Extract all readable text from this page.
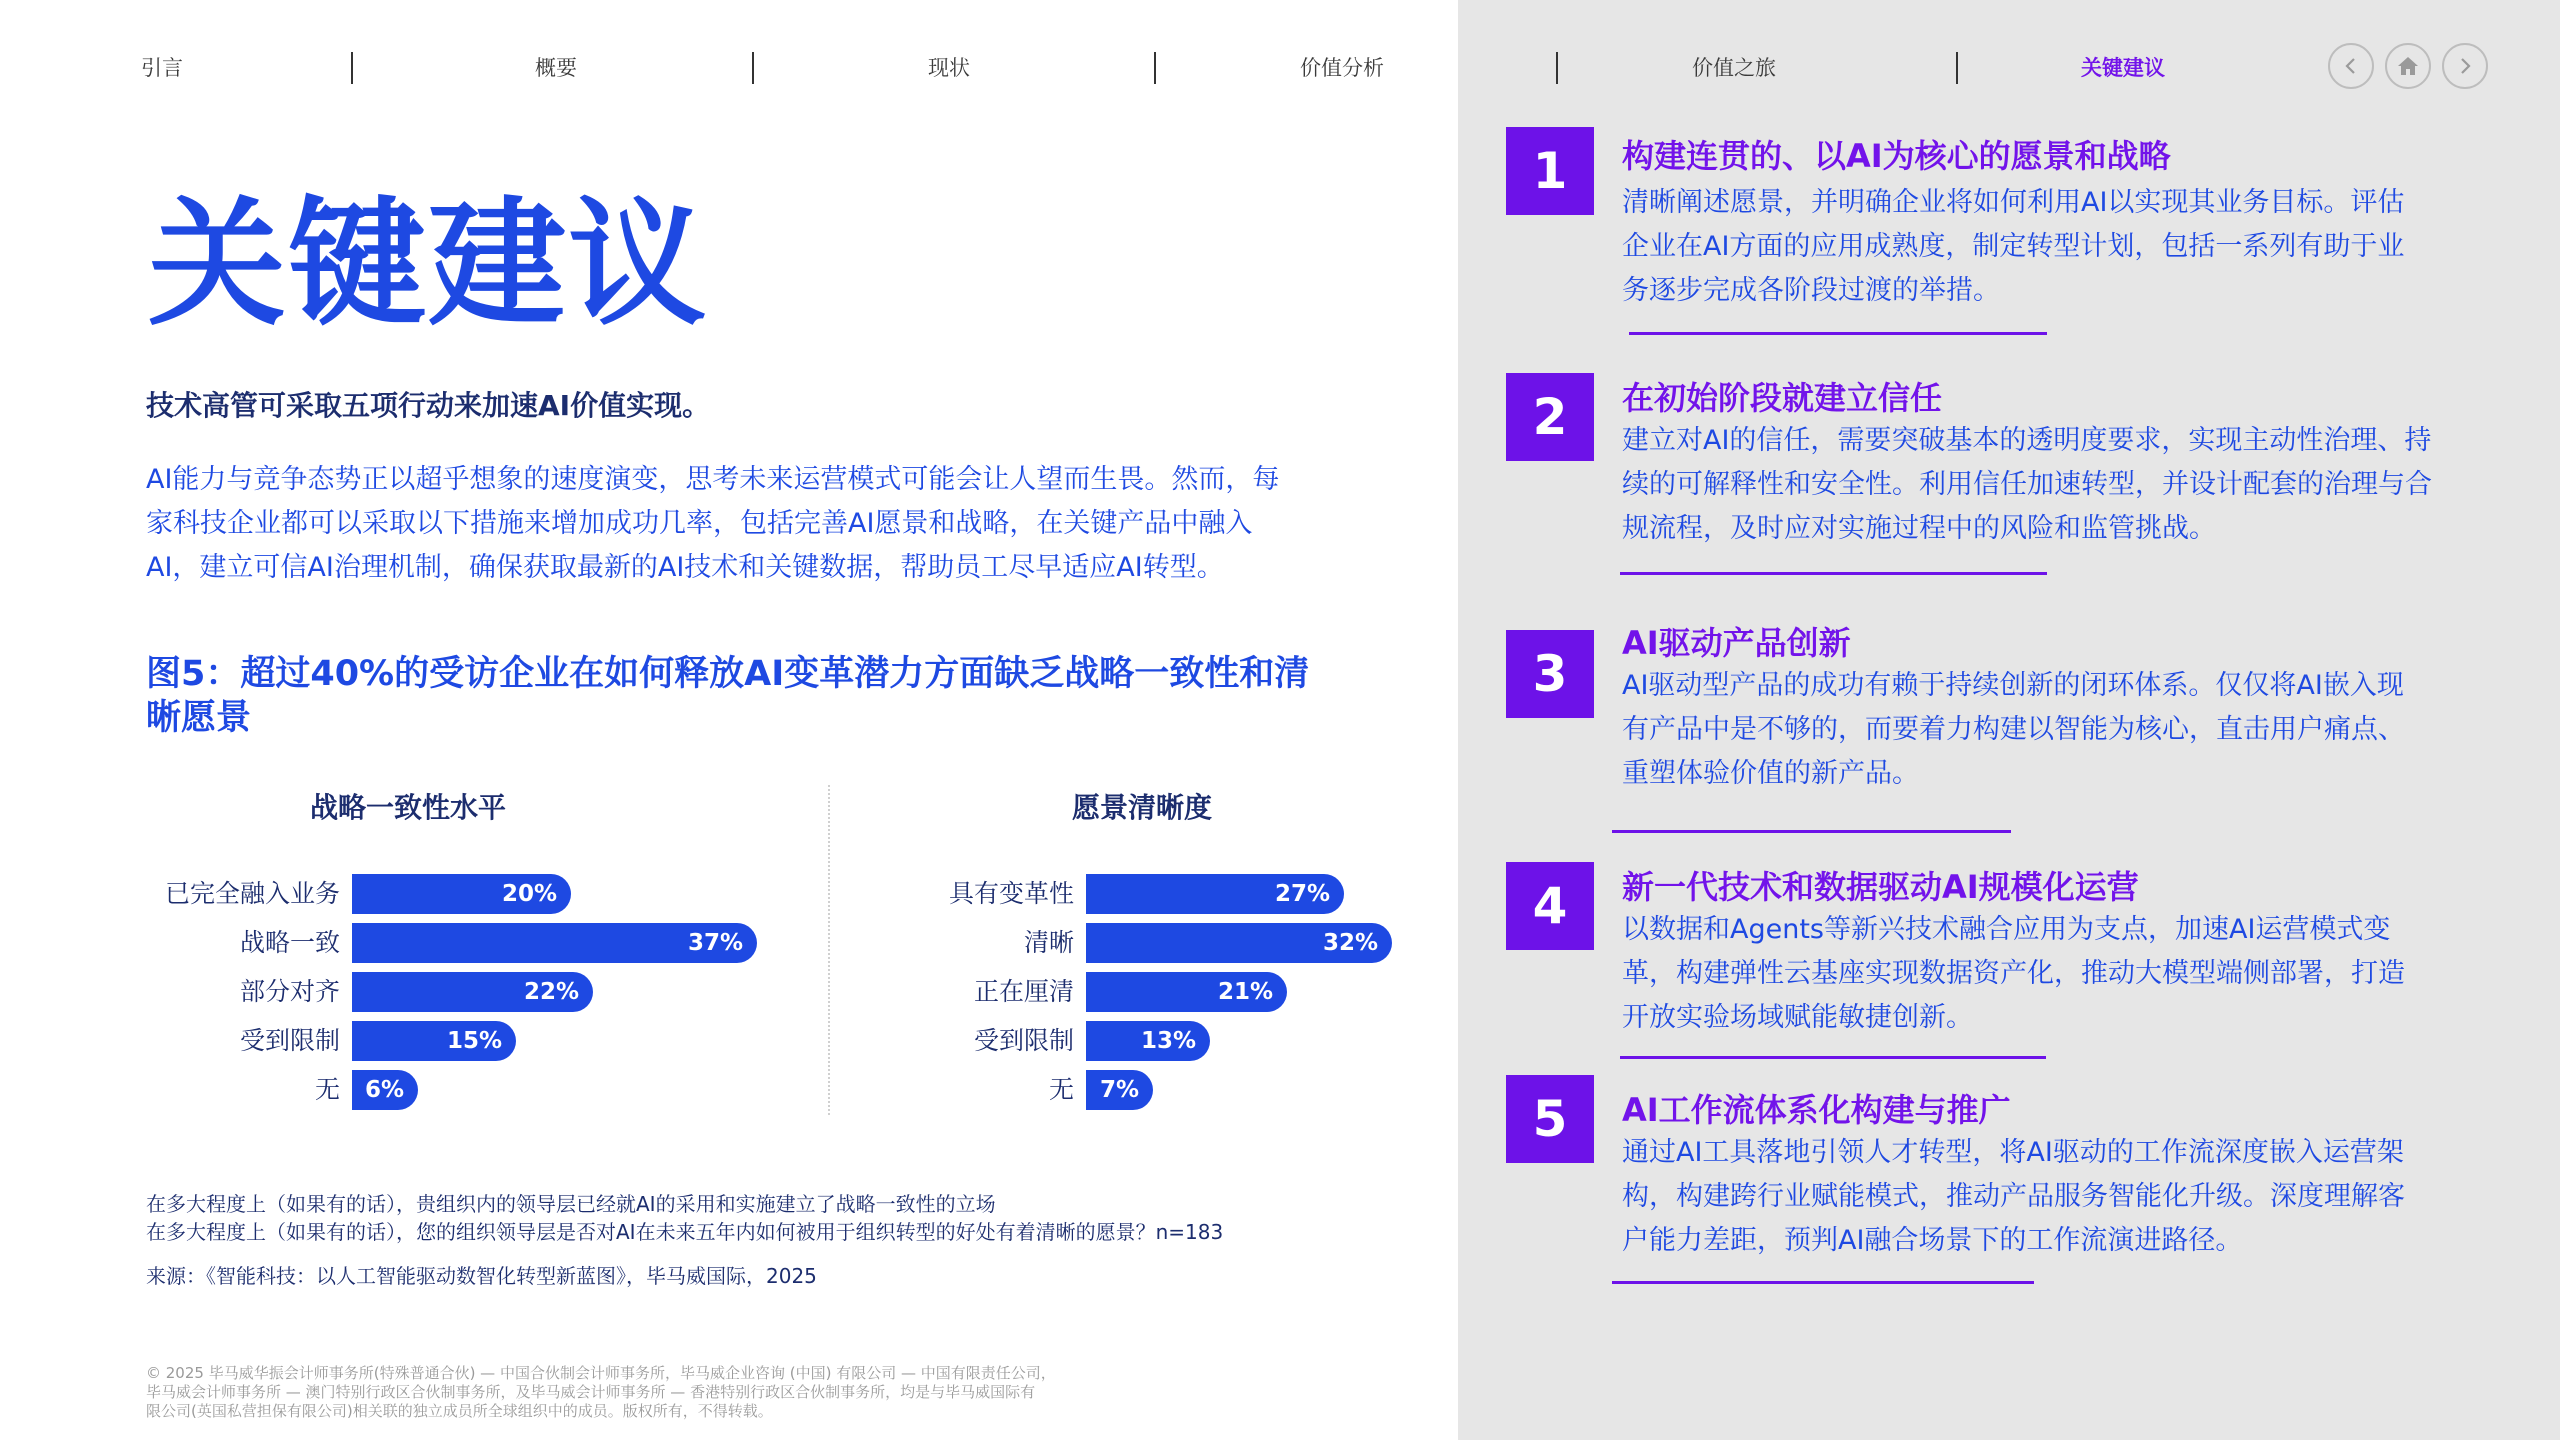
引言	概要	现状	价值分析	价值之旅	关键建议
关键建议
技术高管可采取五项行动来加速AI价值实现。
AI能力与竞争态势正以超乎想象的速度演变，思考未来运营模式可能会让人望而生畏。然而，每家科技企业都可以采取以下措施来增加成功几率，包括完善AI愿景和战略，在关键产品中融入AI，建立可信AI治理机制，确保获取最新的AI技术和关键数据，帮助员工尽早适应AI转型。
图5：超过40%的受访企业在如何释放AI变革潜力方面缺乏战略一致性和清晰愿景
战略一致性水平	愿景清晰度
已完全融入业务	20%
战略一致	37%
部分对齐	22%
受到限制	15%
无 6%
具有变革性	27%
清晰	32%
正在厘清	21%
受到限制	13%
无 7%
在多大程度上（如果有的话），贵组织内的领导层已经就AI的采用和实施建立了战略一致性的立场
在多大程度上（如果有的话），您的组织领导层是否对AI在未来五年内如何被用于组织转型的好处有着清晰的愿景？n=183
来源：《智能科技：以人工智能驱动数智化转型新蓝图》，毕马威国际，2025
© 2025 毕马威华振会计师事务所(特殊普通合伙) — 中国合伙制会计师事务所，毕马威企业咨询 (中国) 有限公司 — 中国有限责任公司，
毕马威会计师事务所 — 澳门特别行政区合伙制事务所，及毕马威会计师事务所 — 香港特别行政区合伙制事务所，均是与毕马威国际有
限公司(英国私营担保有限公司)相关联的独立成员所全球组织中的成员。版权所有，不得转载。
1	构建连贯的、以AI为核心的愿景和战略
清晰阐述愿景，并明确企业将如何利用AI以实现其业务目标。评估企业在AI方面的应用成熟度，制定转型计划，包括一系列有助于业务逐步完成各阶段过渡的举措。
2	在初始阶段就建立信任
建立对AI的信任，需要突破基本的透明度要求，实现主动性治理、持续的可解释性和安全性。利用信任加速转型，并设计配套的治理与合规流程，及时应对实施过程中的风险和监管挑战。
3
AI驱动产品创新
AI驱动型产品的成功有赖于持续创新的闭环体系。仅仅将AI嵌入现有产品中是不够的，而要着力构建以智能为核心，直击用户痛点、重塑体验价值的新产品。
4	新一代技术和数据驱动AI规模化运营
以数据和Agents等新兴技术融合应用为支点，加速AI运营模式变革，构建弹性云基座实现数据资产化，推动大模型端侧部署，打造开放实验场域赋能敏捷创新。
5	AI工作流体系化构建与推广
通过AI工具落地引领人才转型，将AI驱动的工作流深度嵌入运营架构，构建跨行业赋能模式，推动产品服务智能化升级。深度理解客户能力差距，预判AI融合场景下的工作流演进路径。
